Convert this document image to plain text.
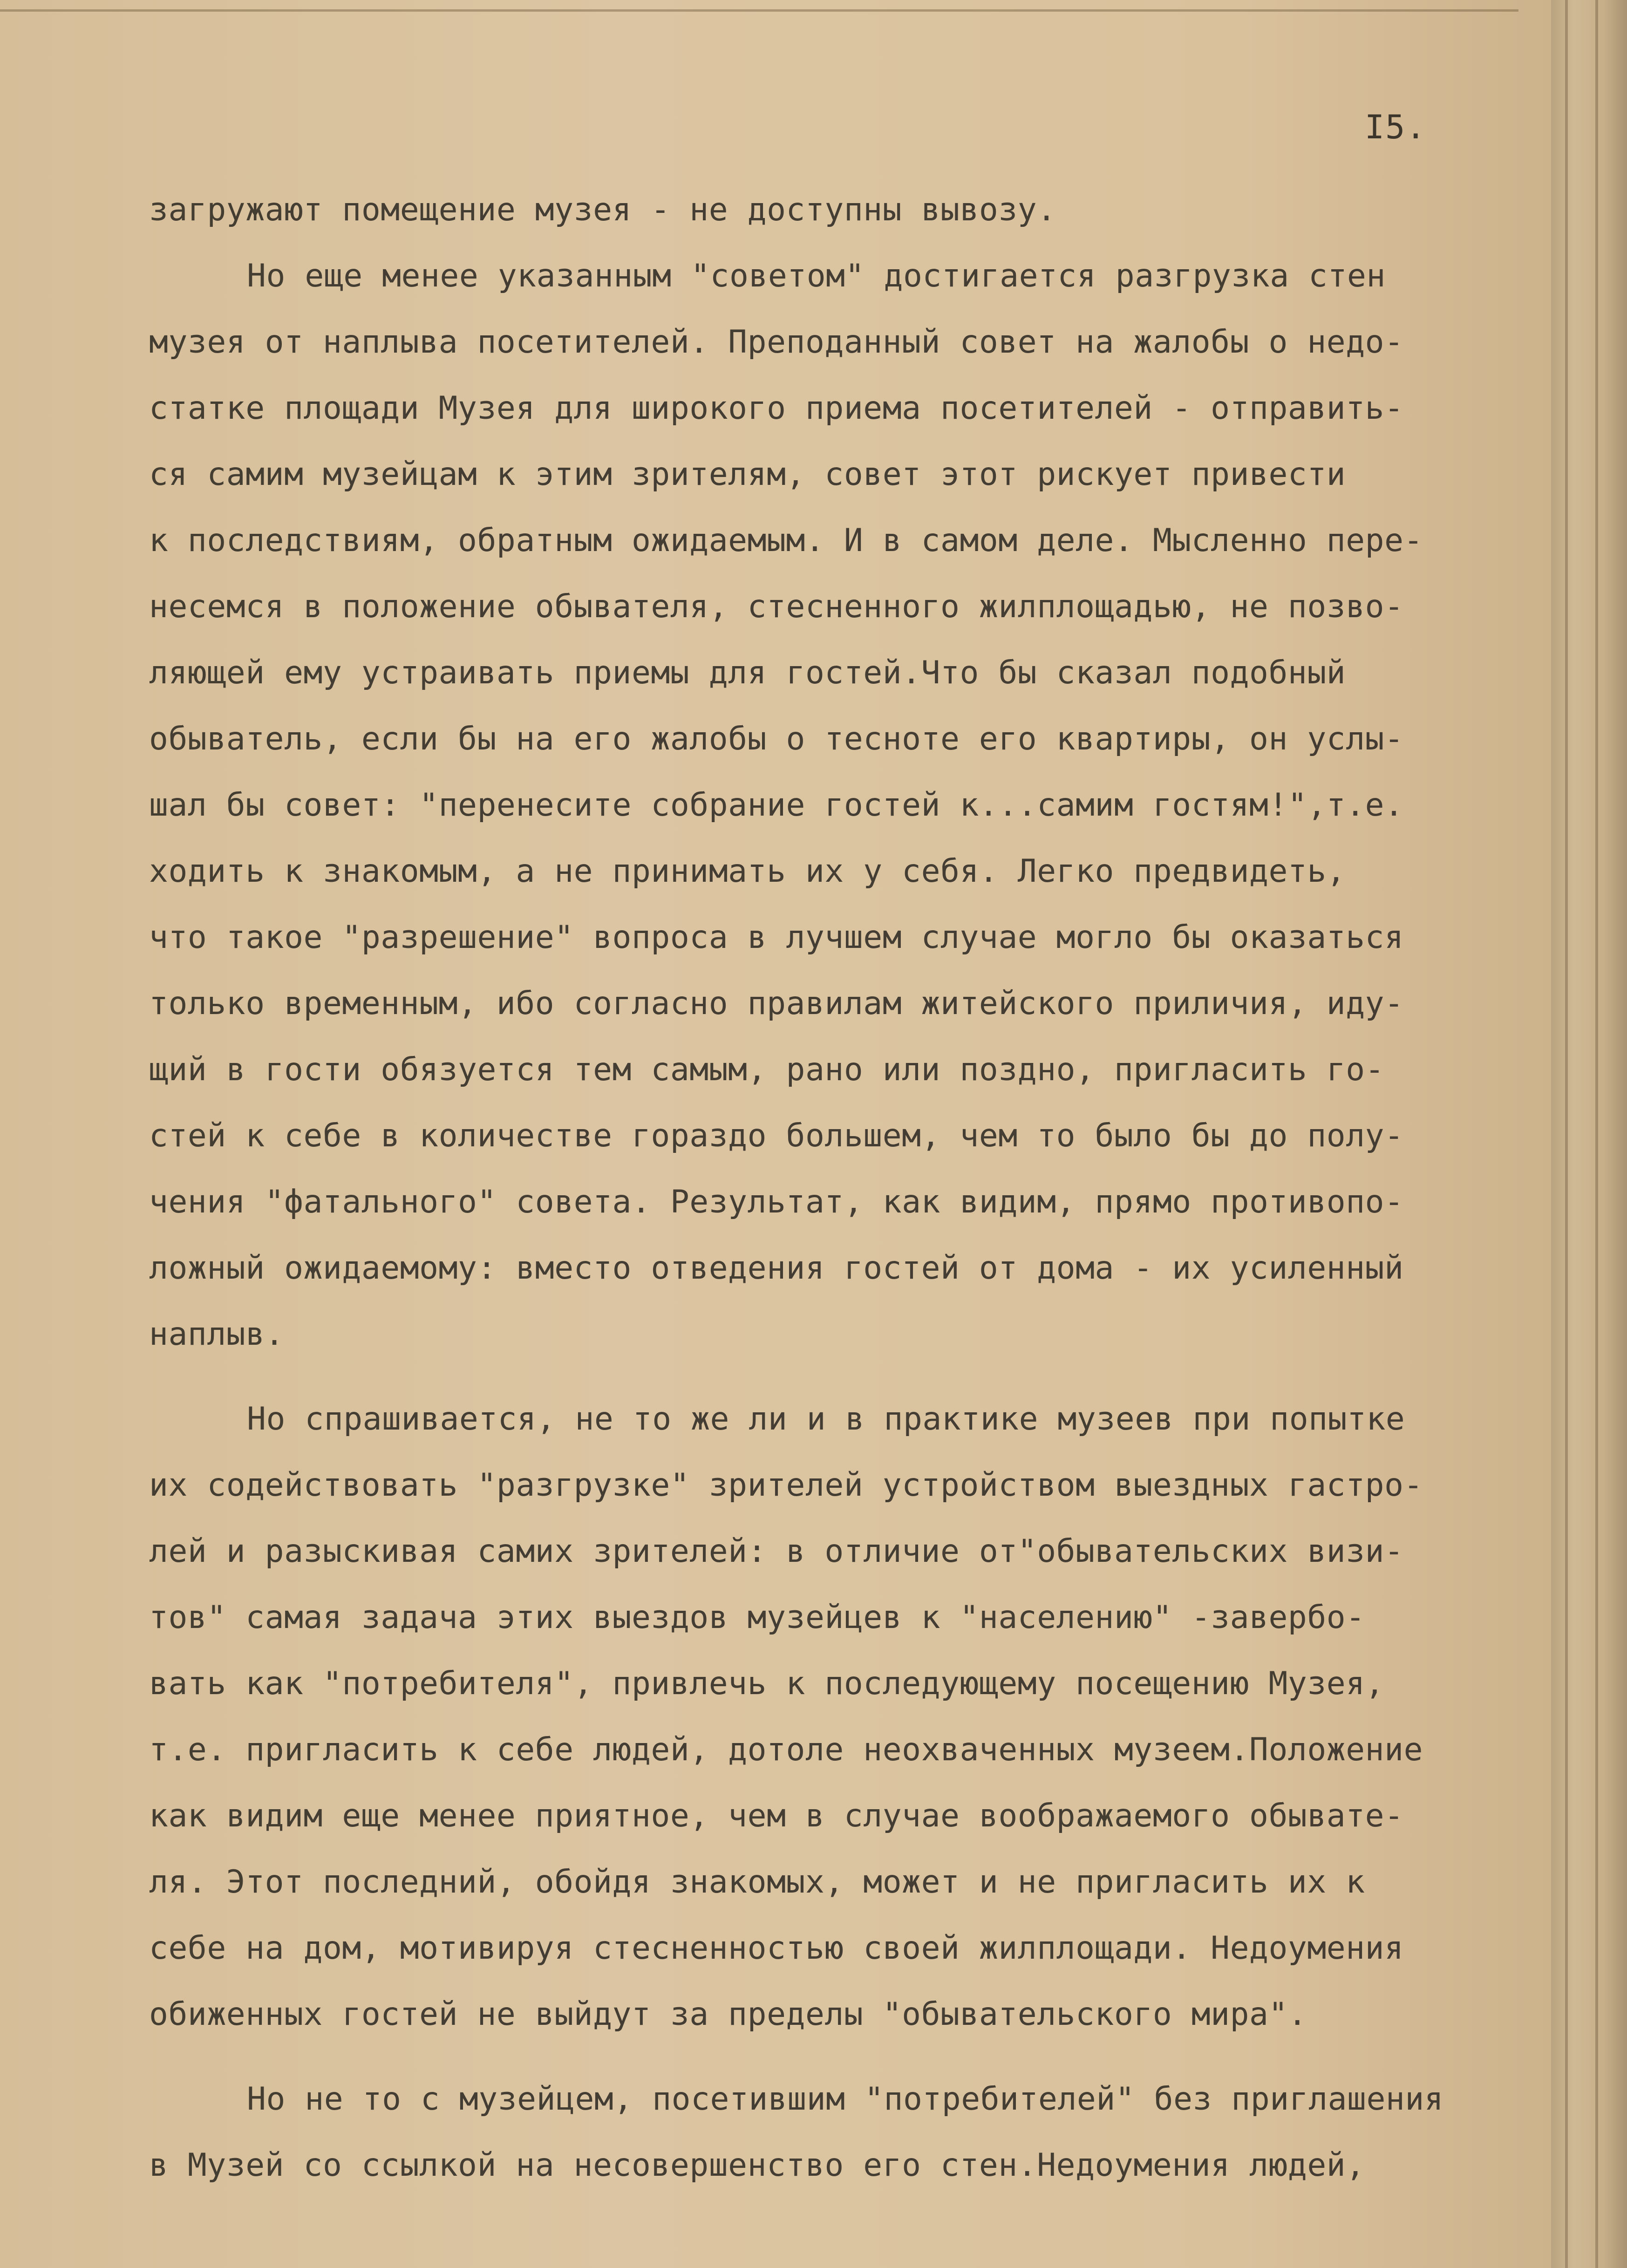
I5.
загружают помещение музея - не доступны вывозу.
Но еще менее указанным "советом" достигается разгрузка стен
музея от наплыва посетителей. Преподанный совет на жалобы о недо-
статке площади Музея для широкого приема посетителей - отправить-
ся самим музейцам к этим зрителям, совет этот рискует привести
к последствиям, обратным ожидаемым. И в самом деле. Мысленно пере-
несемся в положение обывателя, стесненного жилплощадью, не позво-
ляющей ему устраивать приемы для гостей.Что бы сказал подобный
обыватель, если бы на его жалобы о тесноте его квартиры, он услы-
шал бы совет: "перенесите собрание гостей к...самим гостям!",т.е.
ходить к знакомым, а не принимать их у себя. Легко предвидеть,
что такое "разрешение" вопроса в лучшем случае могло бы оказаться
только временным, ибо согласно правилам житейского приличия, иду-
щий в гости обязуется тем самым, рано или поздно, пригласить го-
стей к себе в количестве гораздо большем, чем то было бы до полу-
чения "фатального" совета. Результат, как видим, прямо противопо-
ложный ожидаемому: вместо отведения гостей от дома - их усиленный
наплыв.
Но спрашивается, не то же ли и в практике музеев при попытке
их содействовать "разгрузке" зрителей устройством выездных гастро-
лей и разыскивая самих зрителей: в отличие от"обывательских визи-
тов" самая задача этих выездов музейцев к "населению" -завербо-
вать как "потребителя", привлечь к последующему посещению Музея,
т.е. пригласить к себе людей, дотоле неохваченных музеем.Положение
как видим еще менее приятное, чем в случае воображаемого обывате-
ля. Этот последний, обойдя знакомых, может и не пригласить их к
себе на дом, мотивируя стесненностью своей жилплощади. Недоумения
обиженных гостей не выйдут за пределы "обывательского мира".
Но не то с музейцем, посетившим "потребителей" без приглашения
в Музей со ссылкой на несовершенство его стен.Недоумения людей,
